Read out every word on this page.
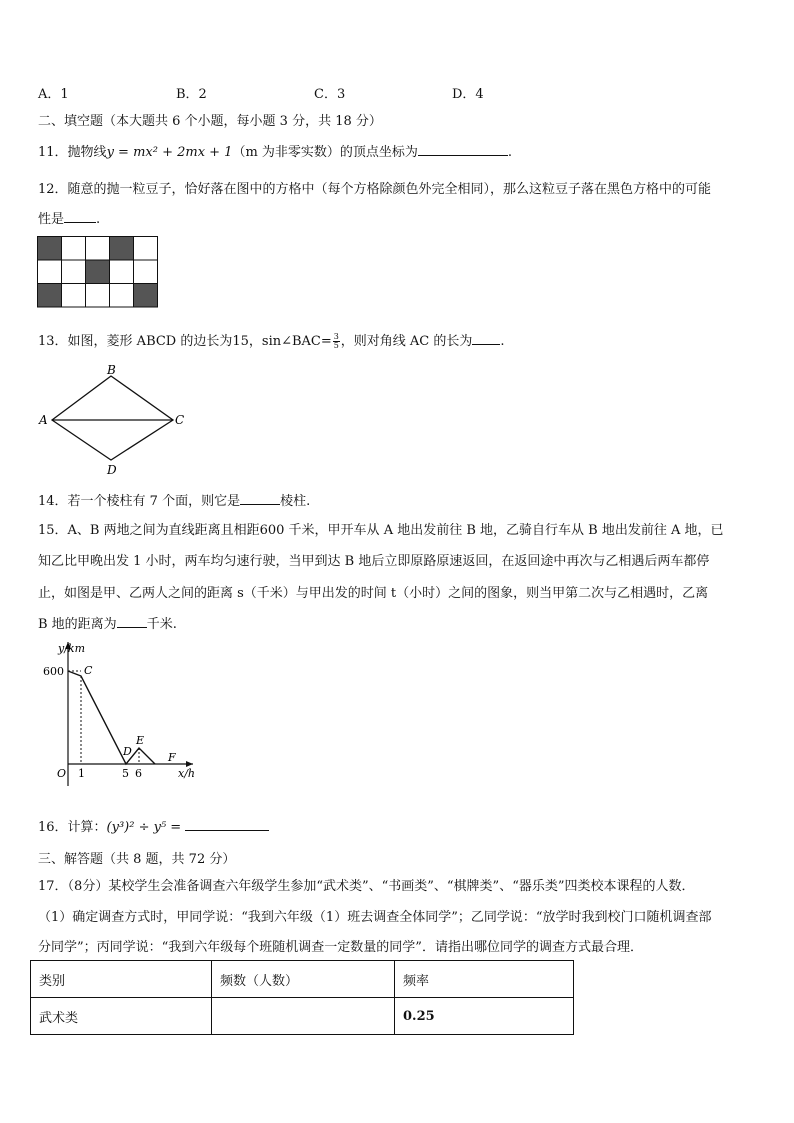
A．1	B．2	C．3	D．4
二、填空题（本大题共 6 个小题，每小题 3 分，共 18 分）
11．抛物线y = mx² + 2mx + 1（m 为非零实数）的顶点坐标为	.
12．随意的抛一粒豆子，恰好落在图中的方格中（每个方格除颜色外完全相同），那么这粒豆子落在黑色方格中的可能
性是 .
13．如图，菱形 ABCD 的边长为15，sin∠BAC= $\frac{3}{5}$ ，则对角线 AC 的长为 .
A
B
C
D
14．若一个棱柱有 7 个面，则它是	棱柱.
15．A、B 两地之间为直线距离且相距600 千米，甲开车从 A 地出发前往 B 地，乙骑自行车从 B 地出发前往 A 地，已
知乙比甲晚出发 1 小时，两车均匀速行驶，当甲到达 B 地后立即原路原速返回，在返回途中再次与乙相遇后两车都停
止，如图是甲、乙两人之间的距离 s（千米）与甲出发的时间 t（小时）之间的图象，则当甲第二次与乙相遇时，乙离
B 地的距离为 千米.
y/km
x/h
600 C
D
E
F
O 1	5 6
16．计算：(y³)² ÷ y⁵ =
三、解答题（共 8 题，共 72 分）
17．（8分）某校学生会准备调查六年级学生参加“武术类”、“书画类”、“棋牌类”、“器乐类”四类校本课程的人数．
（1）确定调查方式时，甲同学说：“我到六年级（1）班去调查全体同学”；乙同学说：“放学时我到校门口随机调查部
分同学”；丙同学说：“我到六年级每个班随机调查一定数量的同学”．请指出哪位同学的调查方式最合理．
类别	频数（人数）	频率
武术类		0.25
